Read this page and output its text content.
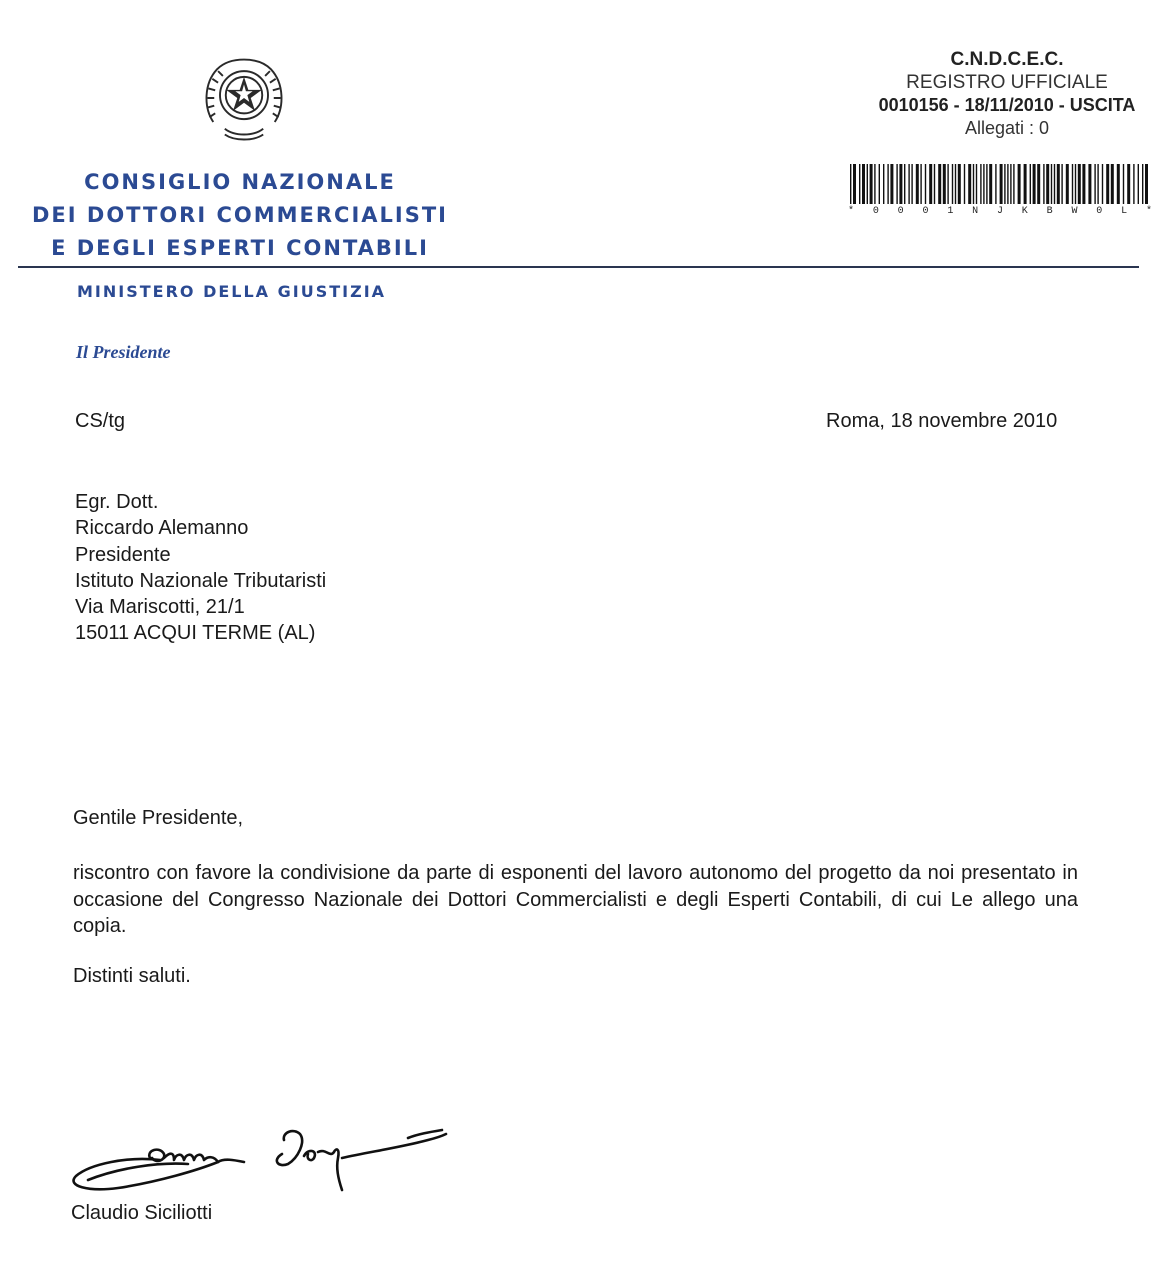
CONSIGLIO NAZIONALE
DEI DOTTORI COMMERCIALISTI
E DEGLI ESPERTI CONTABILI
MINISTERO DELLA GIUSTIZIA
Il Presidente
C.N.D.C.E.C.
REGISTRO UFFICIALE
0010156 - 18/11/2010 - USCITA
Allegati : 0
* 0 0 0 1 N J K B W 0 L *
CS/tg	Roma, 18 novembre 2010
Egr. Dott.
Riccardo Alemanno
Presidente
Istituto Nazionale Tributaristi
Via Mariscotti, 21/1
15011 ACQUI TERME (AL)
Gentile Presidente,
riscontro con favore la condivisione da parte di esponenti del lavoro autonomo del progetto da noi presentato in occasione del Congresso Nazionale dei Dottori Commercialisti e degli Esperti Contabili, di cui Le allego una copia.
Distinti saluti.
Claudio Siciliotti
